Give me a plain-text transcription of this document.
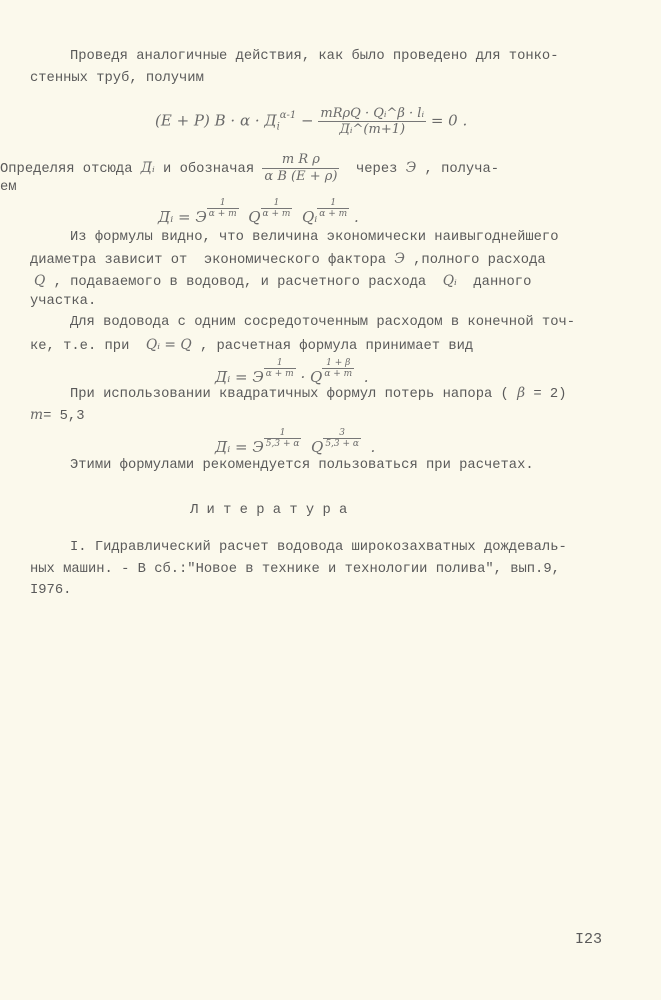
Проведя аналогичные действия, как было проведено для тонко-
стенных труб, получим
(E + P) $B \cdot \alpha \cdot Д_i\alpha-1 - \frac{\text{mRρQ · Qᵢ\textasciicircum{}β · lᵢ}}{\text{Дᵢ\textasciicircum{}(m+1)}} = 0$ .
Определяя отсюда Дᵢ и обозначая $\frac{\text{m R ρ}}{\text{α B (E + ρ)}}$ через Э , получа-
ем
Дᵢ = Э $\frac{1}{\alpha + m}$ Q $\frac{1}{\alpha + m}$ Qᵢ $\frac{1}{\alpha + m}$ .
Из формулы видно, что величина экономически наивыгоднейшего
диаметра зависит от  экономического фактора Э ,полного расхода
Q , подаваемого в водовод, и расчетного расхода Qᵢ данного
участка.
Для водовода с одним сосредоточенным расходом в конечной точ-
ке, т.е. при Qᵢ = Q , расчетная формула принимает вид
Дᵢ = Э $\frac{1}{\alpha + m} \cdot Q \frac{1 + \beta}{\alpha + m}$ .
При использовании квадратичных формул потерь напора ( β = 2)
m= 5,3
Дᵢ = Э $\frac{1}{5,3 + \alpha}$ Q $\frac{3}{5,3 + \alpha}$ .
Этими формулами рекомендуется пользоваться при расчетах.
Л и т е р а т у р а
I. Гидравлический расчет водовода широкозахватных дождеваль-
ных машин. - В сб.:"Новое в технике и технологии полива", вып.9,
I976.
I23
